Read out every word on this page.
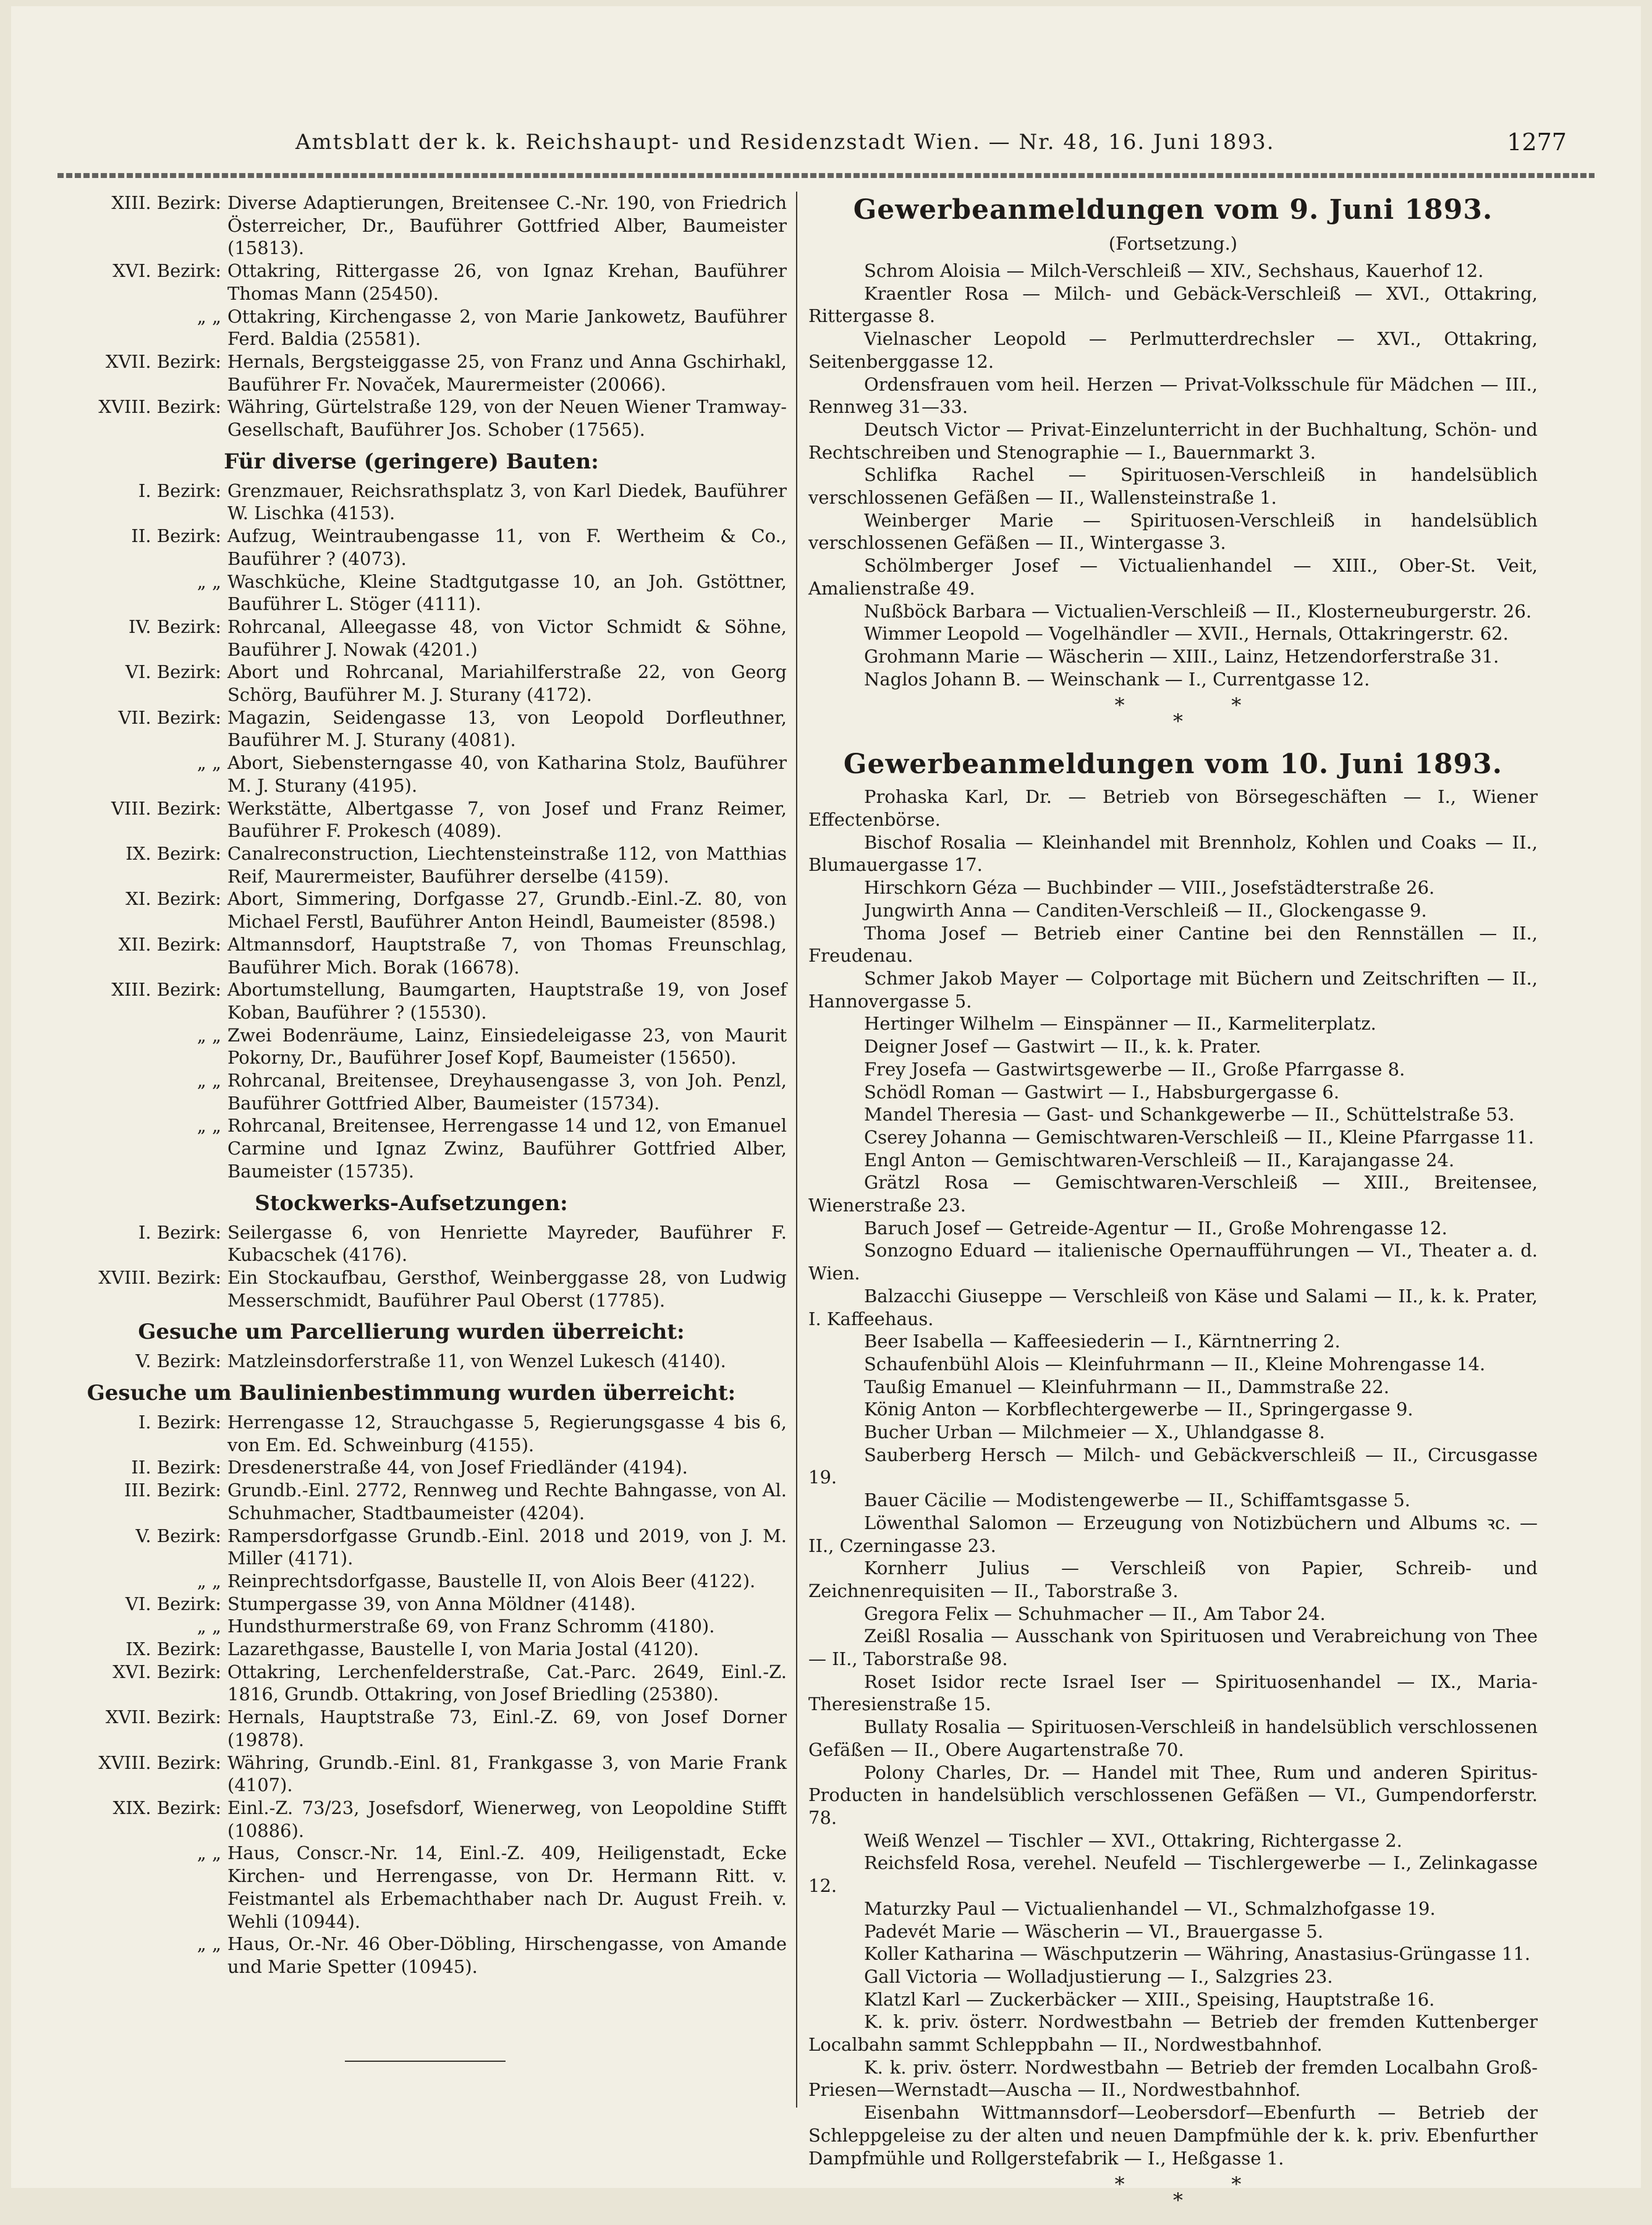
Amtsblatt der k. k. Reichshaupt- und Residenzstadt Wien. — Nr. 48, 16. Juni 1893.	1277
XIII. Bezirk: Diverse Adaptierungen, Breitensee C.-Nr. 190, von Friedrich Österreicher, Dr., Bauführer Gottfried Alber, Baumeister (15813).
XVI. Bezirk: Ottakring, Rittergasse 26, von Ignaz Krehan, Bauführer Thomas Mann (25450).
„ „ Ottakring, Kirchengasse 2, von Marie Jankowetz, Bauführer Ferd. Baldia (25581).
XVII. Bezirk: Hernals, Bergsteiggasse 25, von Franz und Anna Gschirhakl, Bauführer Fr. Novaček, Maurermeister (20066).
XVIII. Bezirk: Währing, Gürtelstraße 129, von der Neuen Wiener Tramway-Gesellschaft, Bauführer Jos. Schober (17565).
Für diverse (geringere) Bauten:
I. Bezirk: Grenzmauer, Reichsrathsplatz 3, von Karl Diedek, Bauführer W. Lischka (4153).
II. Bezirk: Aufzug, Weintraubengasse 11, von F. Wertheim & Co., Bauführer ? (4073).
„ „ Waschküche, Kleine Stadtgutgasse 10, an Joh. Gstöttner, Bauführer L. Stöger (4111).
IV. Bezirk: Rohrcanal, Alleegasse 48, von Victor Schmidt & Söhne, Bauführer J. Nowak (4201.)
VI. Bezirk: Abort und Rohrcanal, Mariahilferstraße 22, von Georg Schörg, Bauführer M. J. Sturany (4172).
VII. Bezirk: Magazin, Seidengasse 13, von Leopold Dorfleuthner, Bauführer M. J. Sturany (4081).
„ „ Abort, Siebensterngasse 40, von Katharina Stolz, Bauführer M. J. Sturany (4195).
VIII. Bezirk: Werkstätte, Albertgasse 7, von Josef und Franz Reimer, Bauführer F. Prokesch (4089).
IX. Bezirk: Canalreconstruction, Liechtensteinstraße 112, von Matthias Reif, Maurermeister, Bauführer derselbe (4159).
XI. Bezirk: Abort, Simmering, Dorfgasse 27, Grundb.-Einl.-Z. 80, von Michael Ferstl, Bauführer Anton Heindl, Baumeister (8598.)
XII. Bezirk: Altmannsdorf, Hauptstraße 7, von Thomas Freunschlag, Bauführer Mich. Borak (16678).
XIII. Bezirk: Abortumstellung, Baumgarten, Hauptstraße 19, von Josef Koban, Bauführer ? (15530).
„ „ Zwei Bodenräume, Lainz, Einsiedeleigasse 23, von Maurit Pokorny, Dr., Bauführer Josef Kopf, Baumeister (15650).
„ „ Rohrcanal, Breitensee, Dreyhausengasse 3, von Joh. Penzl, Bauführer Gottfried Alber, Baumeister (15734).
„ „ Rohrcanal, Breitensee, Herrengasse 14 und 12, von Emanuel Carmine und Ignaz Zwinz, Bauführer Gottfried Alber, Baumeister (15735).
Stockwerks-Aufsetzungen:
I. Bezirk: Seilergasse 6, von Henriette Mayreder, Bauführer F. Kubacschek (4176).
XVIII. Bezirk: Ein Stockaufbau, Gersthof, Weinberggasse 28, von Ludwig Messerschmidt, Bauführer Paul Oberst (17785).
Gesuche um Parcellierung wurden überreicht:
V. Bezirk: Matzleinsdorferstraße 11, von Wenzel Lukesch (4140).
Gesuche um Baulinienbestimmung wurden überreicht:
I. Bezirk: Herrengasse 12, Strauchgasse 5, Regierungsgasse 4 bis 6, von Em. Ed. Schweinburg (4155).
II. Bezirk: Dresdenerstraße 44, von Josef Friedländer (4194).
III. Bezirk: Grundb.-Einl. 2772, Rennweg und Rechte Bahngasse, von Al. Schuhmacher, Stadtbaumeister (4204).
V. Bezirk: Rampersdorfgasse Grundb.-Einl. 2018 und 2019, von J. M. Miller (4171).
„ „ Reinprechtsdorfgasse, Baustelle II, von Alois Beer (4122).
VI. Bezirk: Stumpergasse 39, von Anna Möldner (4148).
„ „ Hundsthurmerstraße 69, von Franz Schromm (4180).
IX. Bezirk: Lazarethgasse, Baustelle I, von Maria Jostal (4120).
XVI. Bezirk: Ottakring, Lerchenfelderstraße, Cat.-Parc. 2649, Einl.-Z. 1816, Grundb. Ottakring, von Josef Briedling (25380).
XVII. Bezirk: Hernals, Hauptstraße 73, Einl.-Z. 69, von Josef Dorner (19878).
XVIII. Bezirk: Währing, Grundb.-Einl. 81, Frankgasse 3, von Marie Frank (4107).
XIX. Bezirk: Einl.-Z. 73/23, Josefsdorf, Wienerweg, von Leopoldine Stifft (10886).
„ „ Haus, Conscr.-Nr. 14, Einl.-Z. 409, Heiligenstadt, Ecke Kirchen- und Herrengasse, von Dr. Hermann Ritt. v. Feistmantel als Erbemachthaber nach Dr. August Freih. v. Wehli (10944).
„ „ Haus, Or.-Nr. 46 Ober-Döbling, Hirschengasse, von Amande und Marie Spetter (10945).
Gewerbeanmeldungen vom 9. Juni 1893.
(Fortsetzung.)
Schrom Aloisia — Milch-Verschleiß — XIV., Sechshaus, Kauerhof 12.
Kraentler Rosa — Milch- und Gebäck-Verschleiß — XVI., Ottakring, Rittergasse 8.
Vielnascher Leopold — Perlmutterdrechsler — XVI., Ottakring, Seitenberggasse 12.
Ordensfrauen vom heil. Herzen — Privat-Volksschule für Mädchen — III., Rennweg 31—33.
Deutsch Victor — Privat-Einzelunterricht in der Buchhaltung, Schön- und Rechtschreiben und Stenographie — I., Bauernmarkt 3.
Schlifka Rachel — Spirituosen-Verschleiß in handelsüblich verschlossenen Gefäßen — II., Wallensteinstraße 1.
Weinberger Marie — Spirituosen-Verschleiß in handelsüblich verschlossenen Gefäßen — II., Wintergasse 3.
Schölmberger Josef — Victualienhandel — XIII., Ober-St. Veit, Amalienstraße 49.
Nußböck Barbara — Victualien-Verschleiß — II., Klosterneuburgerstr. 26.
Wimmer Leopold — Vogelhändler — XVII., Hernals, Ottakringerstr. 62.
Grohmann Marie — Wäscherin — XIII., Lainz, Hetzendorferstraße 31.
Naglos Johann B. — Weinschank — I., Currentgasse 12.
*
*
*
Gewerbeanmeldungen vom 10. Juni 1893.
Prohaska Karl, Dr. — Betrieb von Börsegeschäften — I., Wiener Effectenbörse.
Bischof Rosalia — Kleinhandel mit Brennholz, Kohlen und Coaks — II., Blumauergasse 17.
Hirschkorn Géza — Buchbinder — VIII., Josefstädterstraße 26.
Jungwirth Anna — Canditen-Verschleiß — II., Glockengasse 9.
Thoma Josef — Betrieb einer Cantine bei den Rennställen — II., Freudenau.
Schmer Jakob Mayer — Colportage mit Büchern und Zeitschriften — II., Hannovergasse 5.
Hertinger Wilhelm — Einspänner — II., Karmeliterplatz.
Deigner Josef — Gastwirt — II., k. k. Prater.
Frey Josefa — Gastwirtsgewerbe — II., Große Pfarrgasse 8.
Schödl Roman — Gastwirt — I., Habsburgergasse 6.
Mandel Theresia — Gast- und Schankgewerbe — II., Schüttelstraße 53.
Cserey Johanna — Gemischtwaren-Verschleiß — II., Kleine Pfarrgasse 11.
Engl Anton — Gemischtwaren-Verschleiß — II., Karajangasse 24.
Grätzl Rosa — Gemischtwaren-Verschleiß — XIII., Breitensee, Wienerstraße 23.
Baruch Josef — Getreide-Agentur — II., Große Mohrengasse 12.
Sonzogno Eduard — italienische Opernaufführungen — VI., Theater a. d. Wien.
Balzacchi Giuseppe — Verschleiß von Käse und Salami — II., k. k. Prater, I. Kaffeehaus.
Beer Isabella — Kaffeesiederin — I., Kärntnerring 2.
Schaufenbühl Alois — Kleinfuhrmann — II., Kleine Mohrengasse 14.
Taußig Emanuel — Kleinfuhrmann — II., Dammstraße 22.
König Anton — Korbflechtergewerbe — II., Springergasse 9.
Bucher Urban — Milchmeier — X., Uhlandgasse 8.
Sauberberg Hersch — Milch- und Gebäckverschleiß — II., Circusgasse 19.
Bauer Cäcilie — Modistengewerbe — II., Schiffamtsgasse 5.
Löwenthal Salomon — Erzeugung von Notizbüchern und Albums ꝛc. — II., Czerningasse 23.
Kornherr Julius — Verschleiß von Papier, Schreib- und Zeichnenrequisiten — II., Taborstraße 3.
Gregora Felix — Schuhmacher — II., Am Tabor 24.
Zeißl Rosalia — Ausschank von Spirituosen und Verabreichung von Thee — II., Taborstraße 98.
Roset Isidor recte Israel Iser — Spirituosenhandel — IX., Maria-Theresienstraße 15.
Bullaty Rosalia — Spirituosen-Verschleiß in handelsüblich verschlossenen Gefäßen — II., Obere Augartenstraße 70.
Polony Charles, Dr. — Handel mit Thee, Rum und anderen Spiritus-Producten in handelsüblich verschlossenen Gefäßen — VI., Gumpendorferstr. 78.
Weiß Wenzel — Tischler — XVI., Ottakring, Richtergasse 2.
Reichsfeld Rosa, verehel. Neufeld — Tischlergewerbe — I., Zelinkagasse 12.
Maturzky Paul — Victualienhandel — VI., Schmalzhofgasse 19.
Padevét Marie — Wäscherin — VI., Brauergasse 5.
Koller Katharina — Wäschputzerin — Währing, Anastasius-Grüngasse 11.
Gall Victoria — Wolladjustierung — I., Salzgries 23.
Klatzl Karl — Zuckerbäcker — XIII., Speising, Hauptstraße 16.
K. k. priv. österr. Nordwestbahn — Betrieb der fremden Kuttenberger Localbahn sammt Schleppbahn — II., Nordwestbahnhof.
K. k. priv. österr. Nordwestbahn — Betrieb der fremden Localbahn Groß-Priesen—Wernstadt—Auscha — II., Nordwestbahnhof.
Eisenbahn Wittmannsdorf—Leobersdorf—Ebenfurth — Betrieb der Schleppgeleise zu der alten und neuen Dampfmühle der k. k. priv. Ebenfurther Dampfmühle und Rollgerstefabrik — I., Heßgasse 1.
*
*
*
